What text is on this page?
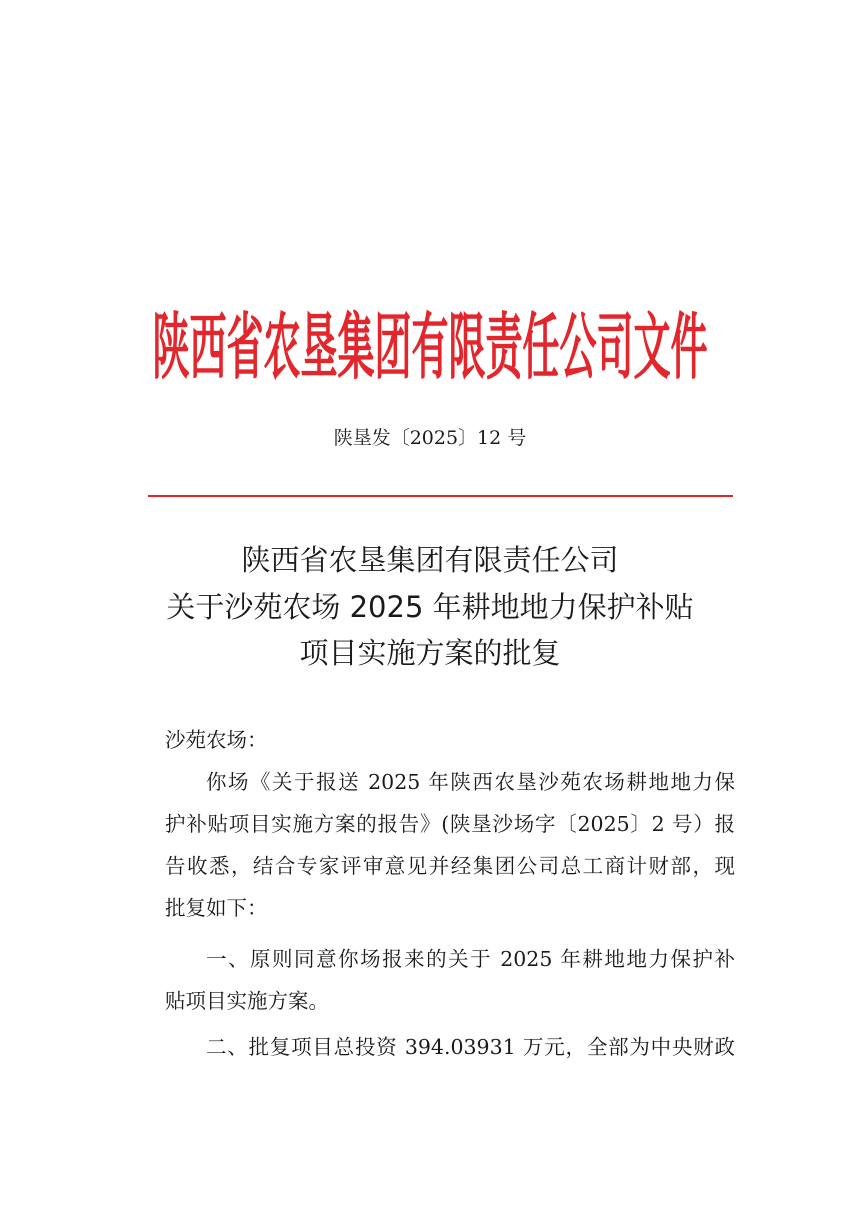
陕西省农垦集团有限责任公司文件
陕垦发〔2025〕12 号
陕西省农垦集团有限责任公司
关于沙苑农场 2025 年耕地地力保护补贴
项目实施方案的批复
沙苑农场：
你场《关于报送 2025 年陕西农垦沙苑农场耕地地力保
护补贴项目实施方案的报告》(陕垦沙场字〔2025〕2 号）报
告收悉，结合专家评审意见并经集团公司总工商计财部，现
批复如下：
一、原则同意你场报来的关于 2025 年耕地地力保护补
贴项目实施方案。
二、批复项目总投资 394.03931 万元，全部为中央财政
